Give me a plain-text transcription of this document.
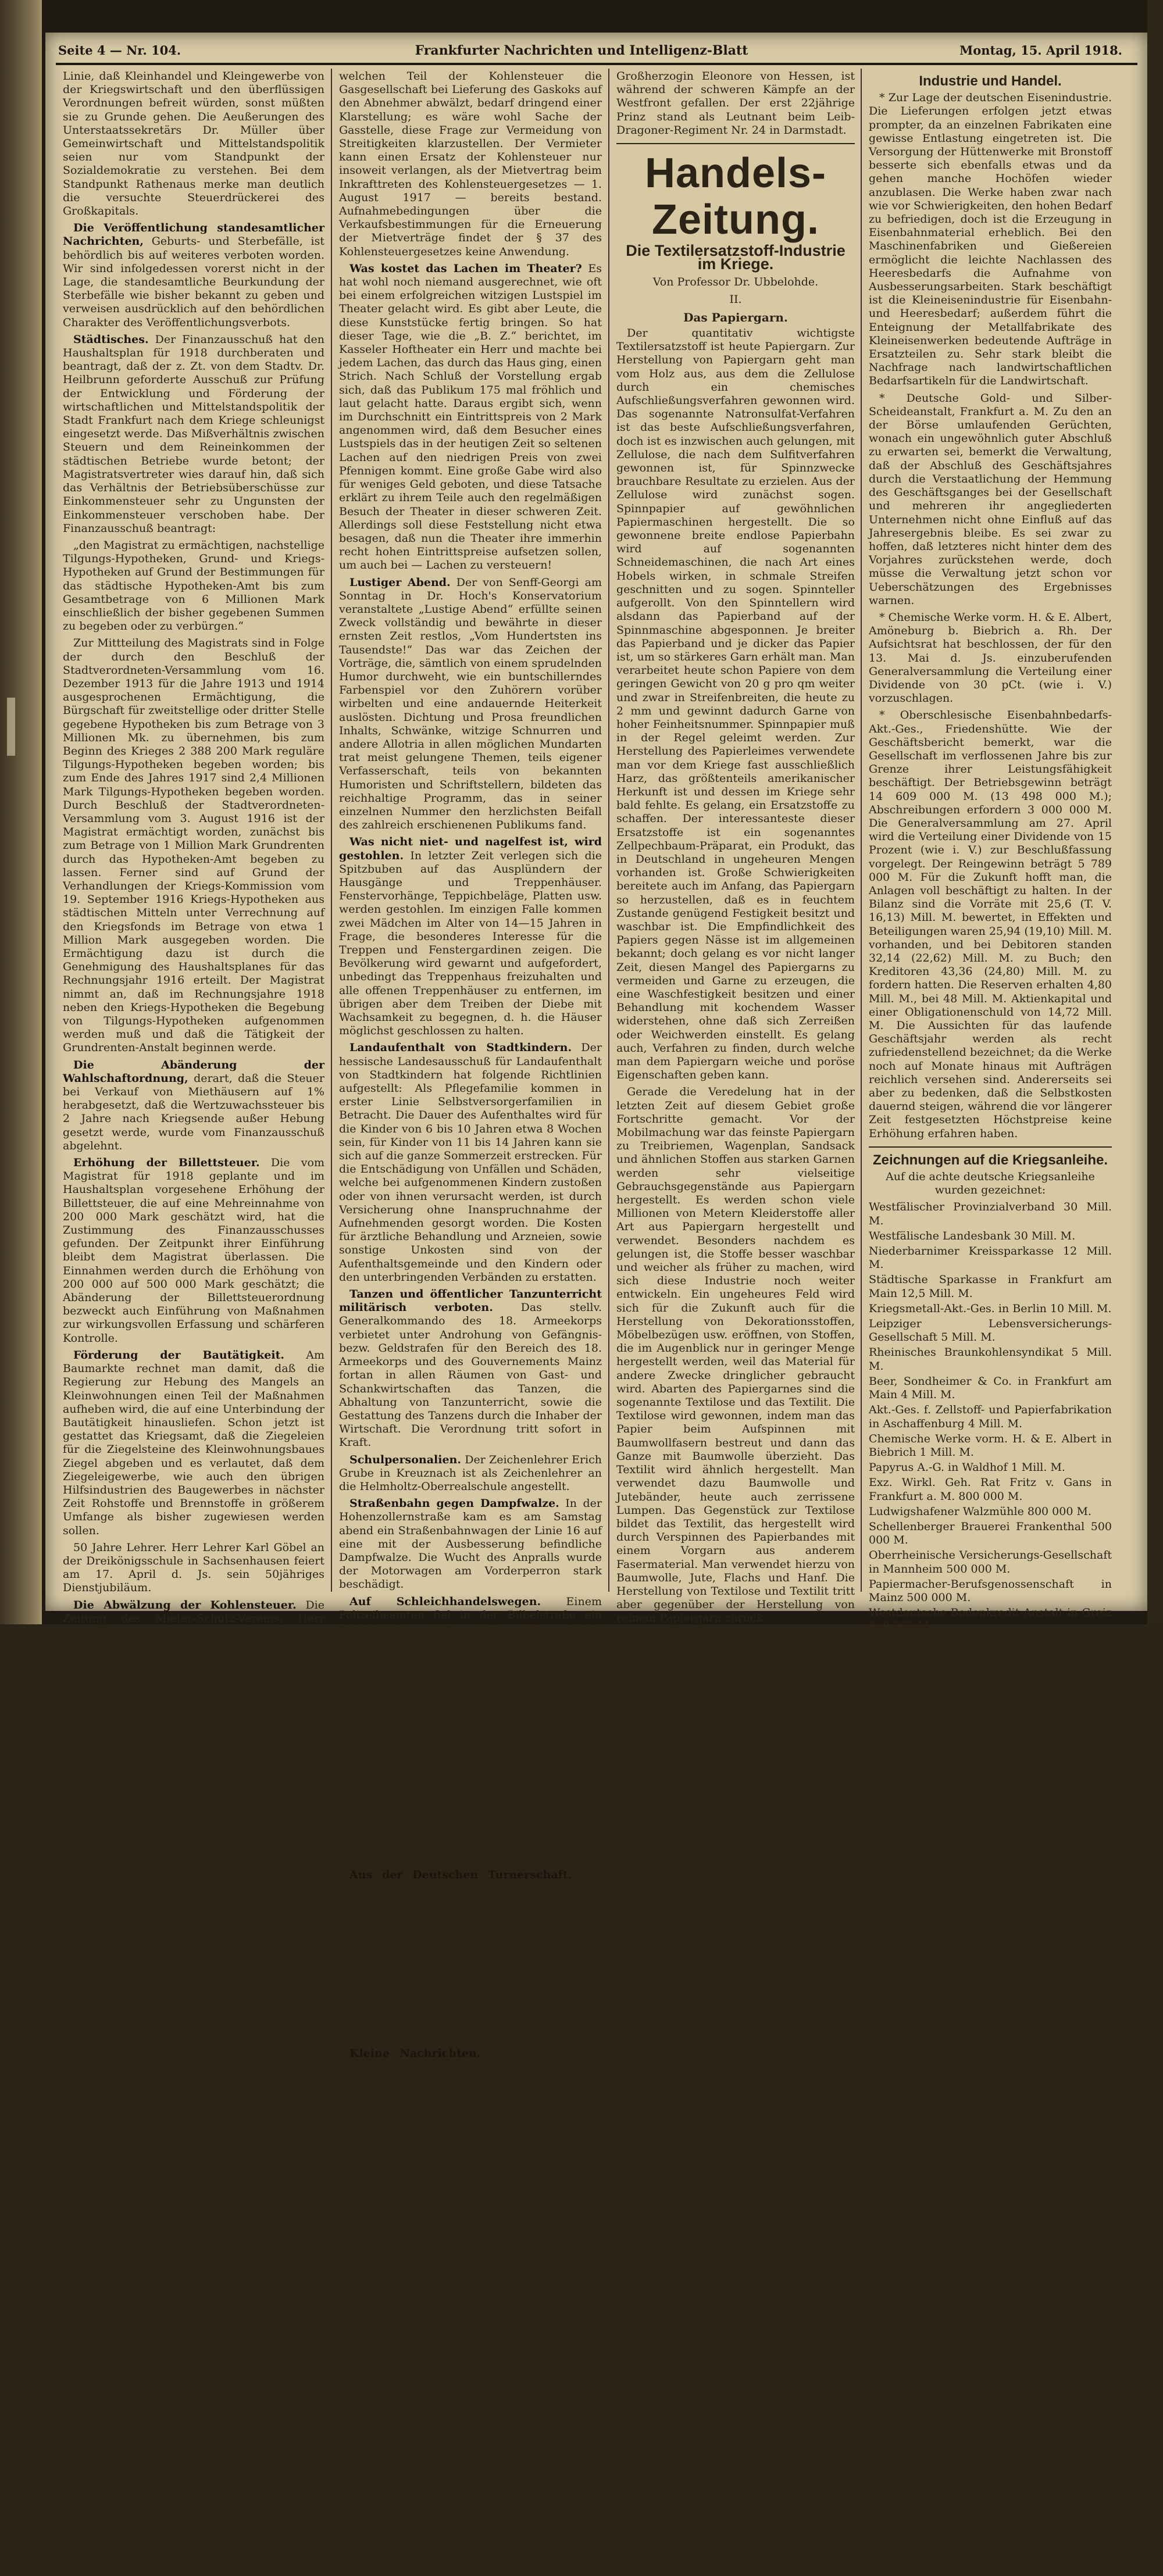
Seite 4 — Nr. 104.	Frankfurter Nachrichten und Intelligenz-Blatt	Montag, 15. April 1918.

Linie, daß Kleinhandel und Kleingewerbe von der Kriegswirtschaft und den überflüssigen Verordnungen befreit würden, sonst müßten sie zu Grunde gehen. Die Aeußerungen des Unterstaatssekretärs Dr. Müller über Gemeinwirtschaft und Mittelstandspolitik seien nur vom Standpunkt der Sozialdemokratie zu verstehen. Bei dem Standpunkt Rathenaus merke man deutlich die versuchte Steuerdrückerei des Großkapitals.

Die Veröffentlichung standesamtlicher Nachrichten, Geburts- und Sterbefälle, ist behördlich bis auf weiteres verboten worden. Wir sind infolgedessen vorerst nicht in der Lage, die standesamtliche Beurkundung der Sterbefälle wie bisher bekannt zu geben und verweisen ausdrücklich auf den behördlichen Charakter des Veröffentlichungsverbots.

Städtisches. Der Finanzausschuß hat den Haushaltsplan für 1918 durchberaten und beantragt, daß der z. Zt. von dem Stadtv. Dr. Heilbrunn geforderte Ausschuß zur Prüfung der Entwicklung und Förderung der wirtschaftlichen und Mittelstandspolitik der Stadt Frankfurt nach dem Kriege schleunigst eingesetzt werde. Das Mißverhältnis zwischen Steuern und dem Reineinkommen der städtischen Betriebe wurde betont; der Magistratsvertreter wies darauf hin, daß sich das Verhältnis der Betriebsüberschüsse zur Einkommensteuer sehr zu Ungunsten der Einkommensteuer verschoben habe. Der Finanzausschuß beantragt:

„den Magistrat zu ermächtigen, nachstellige Tilgungs-Hypotheken, Grund- und Kriegs-Hypotheken auf Grund der Bestimmungen für das städtische Hypotheken-Amt bis zum Gesamtbetrage von 6 Millionen Mark einschließlich der bisher gegebenen Summen zu begeben oder zu verbürgen.“

Zur Mittteilung des Magistrats sind in Folge der durch den Beschluß der Stadtverordneten-Versammlung vom 16. Dezember 1913 für die Jahre 1913 und 1914 ausgesprochenen Ermächtigung, die Bürgschaft für zweitstellige oder dritter Stelle gegebene Hypotheken bis zum Betrage von 3 Millionen Mk. zu übernehmen, bis zum Beginn des Krieges 2 388 200 Mark reguläre Tilgungs-Hypotheken begeben worden; bis zum Ende des Jahres 1917 sind 2,4 Millionen Mark Tilgungs-Hypotheken begeben worden. Durch Beschluß der Stadtverordneten-Versammlung vom 3. August 1916 ist der Magistrat ermächtigt worden, zunächst bis zum Betrage von 1 Million Mark Grundrenten durch das Hypotheken-Amt begeben zu lassen. Ferner sind auf Grund der Verhandlungen der Kriegs-Kommission vom 19. September 1916 Kriegs-Hypotheken aus städtischen Mitteln unter Verrechnung auf den Kriegsfonds im Betrage von etwa 1 Million Mark ausgegeben worden. Die Ermächtigung dazu ist durch die Genehmigung des Haushaltsplanes für das Rechnungsjahr 1916 erteilt. Der Magistrat nimmt an, daß im Rechnungsjahre 1918 neben den Kriegs-Hypotheken die Begebung von Tilgungs-Hypotheken aufgenommen werden muß und daß die Tätigkeit der Grundrenten-Anstalt beginnen werde.

Die Abänderung der Wahlschaftordnung, derart, daß die Steuer bei Verkauf von Miethäusern auf 1% herabgesetzt, daß die Wertzuwachssteuer bis 2 Jahre nach Kriegsende außer Hebung gesetzt werde, wurde vom Finanzausschuß abgelehnt.

Erhöhung der Billettsteuer. Die vom Magistrat für 1918 geplante und im Haushaltsplan vorgesehene Erhöhung der Billettsteuer, die auf eine Mehreinnahme von 200 000 Mark geschätzt wird, hat die Zustimmung des Finanzausschusses gefunden. Der Zeitpunkt ihrer Einführung bleibt dem Magistrat überlassen. Die Einnahmen werden durch die Erhöhung von 200 000 auf 500 000 Mark geschätzt; die Abänderung der Billettsteuerordnung bezweckt auch Einführung von Maßnahmen zur wirkungsvollen Erfassung und schärferen Kontrolle.

Förderung der Bautätigkeit. Am Baumarkte rechnet man damit, daß die Regierung zur Hebung des Mangels an Kleinwohnungen einen Teil der Maßnahmen aufheben wird, die auf eine Unterbindung der Bautätigkeit hinausliefen. Schon jetzt ist gestattet das Kriegsamt, daß die Ziegeleien für die Ziegelsteine des Kleinwohnungsbaues Ziegel abgeben und es verlautet, daß dem Ziegeleigewerbe, wie auch den übrigen Hilfsindustrien des Baugewerbes in nächster Zeit Rohstoffe und Brennstoffe in größerem Umfange als bisher zugewiesen werden sollen.

50 Jahre Lehrer. Herr Lehrer Karl Göbel an der Dreikönigsschule in Sachsenhausen feiert am 17. April d. Js. sein 50jähriges Dienstjubiläum.

Die Abwälzung der Kohlensteuer. Die Zeitung des Mieter-Schutz-Vereins, Herr Rechtsanwalt Dr. Gumbel, schreibt uns: Nach § 37 des Kohlensteuergesetzes kann der Vermieter denjenigen Betrag erhöht verlangen, welcher sich ihm durch die Kohlensteuer verursachten Erhöhung seiner Bezugskosten für Kohlen entspricht. Die Kohlensteuer wird nicht bezahlt zu entrichten die Grube, die die Kohlen liefert. Die Steuer bei trägt 20% vom Werte der von der Grube gelieferten Kohle. Da nun der Kaufpreis der Kohlen ab Grube wesentlich billiger ist als der Kaufpreis, den der Verbraucher zu bezahlen hat, so wird die Steuer vom Vermieter nicht 20% von dem Kaufpreis, den er an seinen Kohlenlieferanten bezahlt, zu verlangen haben, sondern nur Erlaß der denkenden Kaufpreis stehenden Kohlensteuer beanspruchen. Dieser Betrag muß erforderlichenfalls durch Nachfrage bei dem Kohlenlieferanten ermittelt werden. Im allgemeinen wird aber zur Heizung nicht Kohle, sondern Gaskoks verwendet. Wie die Gasgesellschaft, so läßt auch das städtische Gaswerk die Koks liefert, einen Teil der von ihr bei Bezug der Kohlen entrichteten Steuer bereits beim Preise des Koks in Ansatz gebracht, womit sie gemäß § 37 des Kohlensteuergesetzes ebenfalls berechtigt ist. Sie kann also bei Lieferung des Koks nur höchstens die nach 20% auf den Kokspreis erwälzen, so daß der Preis des bezogenen Gaskoks sich keinesfalls um 20% erhöht haben kann. Die Frage,

welchen Teil der Kohlensteuer die Gasgesellschaft bei Lieferung des Gaskoks auf den Abnehmer abwälzt, bedarf dringend einer Klarstellung; es wäre wohl Sache der Gasstelle, diese Frage zur Vermeidung von Streitigkeiten klarzustellen. Der Vermieter kann einen Ersatz der Kohlensteuer nur insoweit verlangen, als der Mietvertrag beim Inkrafttreten des Kohlensteuergesetzes — 1. August 1917 — bereits bestand. Aufnahmebedingungen über die Verkaufsbestimmungen für die Erneuerung der Mietverträge findet der § 37 des Kohlensteuergesetzes keine Anwendung.

Was kostet das Lachen im Theater? Es hat wohl noch niemand ausgerechnet, wie oft bei einem erfolgreichen witzigen Lustspiel im Theater gelacht wird. Es gibt aber Leute, die diese Kunststücke fertig bringen. So hat dieser Tage, wie die „B. Z.“ berichtet, im Kasseler Hoftheater ein Herr und machte bei jedem Lachen, das durch das Haus ging, einen Strich. Nach Schluß der Vorstellung ergab sich, daß das Publikum 175 mal fröhlich und laut gelacht hatte. Daraus ergibt sich, wenn im Durchschnitt ein Eintrittspreis von 2 Mark angenommen wird, daß dem Besucher eines Lustspiels das in der heutigen Zeit so seltenen Lachen auf den niedrigen Preis von zwei Pfennigen kommt. Eine große Gabe wird also für weniges Geld geboten, und diese Tatsache erklärt zu ihrem Teile auch den regelmäßigen Besuch der Theater in dieser schweren Zeit. Allerdings soll diese Feststellung nicht etwa besagen, daß nun die Theater ihre immerhin recht hohen Eintrittspreise aufsetzen sollen, um auch bei — Lachen zu versteuern!

Lustiger Abend. Der von Senff-Georgi am Sonntag in Dr. Hoch's Konservatorium veranstaltete „Lustige Abend“ erfüllte seinen Zweck vollständig und bewährte in dieser ernsten Zeit restlos, „Vom Hundertsten ins Tausendste!“ Das war das Zeichen der Vorträge, die, sämtlich von einem sprudelnden Humor durchweht, wie ein buntschillerndes Farbenspiel vor den Zuhörern vorüber wirbelten und eine andauernde Heiterkeit auslösten. Dichtung und Prosa freundlichen Inhalts, Schwänke, witzige Schnurren und andere Allotria in allen möglichen Mundarten trat meist gelungene Themen, teils eigener Verfasserschaft, teils von bekannten Humoristen und Schriftstellern, bildeten das reichhaltige Programm, das in seiner einzelnen Nummer den herzlichsten Beifall des zahlreich erschienenen Publikums fand.

Was nicht niet- und nagelfest ist, wird gestohlen. In letzter Zeit verlegen sich die Spitzbuben auf das Ausplündern der Hausgänge und Treppenhäuser. Fenstervorhänge, Teppichbeläge, Platten usw. werden gestohlen. Im einzigen Falle kommen zwei Mädchen im Alter von 14—15 Jahren in Frage, die besonderes Interesse für die Treppen und Fenstergardinen zeigen. Die Bevölkerung wird gewarnt und aufgefordert, unbedingt das Treppenhaus freizuhalten und alle offenen Treppenhäuser zu entfernen, im übrigen aber dem Treiben der Diebe mit Wachsamkeit zu begegnen, d. h. die Häuser möglichst geschlossen zu halten.

Landaufenthalt von Stadtkindern. Der hessische Landesausschuß für Landaufenthalt von Stadtkindern hat folgende Richtlinien aufgestellt: Als Pflegefamilie kommen in erster Linie Selbstversorgerfamilien in Betracht. Die Dauer des Aufenthaltes wird für die Kinder von 6 bis 10 Jahren etwa 8 Wochen sein, für Kinder von 11 bis 14 Jahren kann sie sich auf die ganze Sommerzeit erstrecken. Für die Entschädigung von Unfällen und Schäden, welche bei aufgenommenen Kindern zustoßen oder von ihnen verursacht werden, ist durch Versicherung ohne Inanspruchnahme der Aufnehmenden gesorgt worden. Die Kosten für ärztliche Behandlung und Arzneien, sowie sonstige Unkosten sind von der Aufenthaltsgemeinde und den Kindern oder den unterbringenden Verbänden zu erstatten.

Tanzen und öffentlicher Tanzunterricht militärisch verboten. Das stellv. Generalkommando des 18. Armeekorps verbietet unter Androhung von Gefängnis- bezw. Geldstrafen für den Bereich des 18. Armeekorps und des Gouvernements Mainz fortan in allen Räumen von Gast- und Schankwirtschaften das Tanzen, die Abhaltung von Tanzunterricht, sowie die Gestattung des Tanzens durch die Inhaber der Wirtschaft. Die Verordnung tritt sofort in Kraft.

Schulpersonalien. Der Zeichenlehrer Erich Grube in Kreuznach ist als Zeichenlehrer an die Helmholtz-Oberrealschule angestellt.

Straßenbahn gegen Dampfwalze. In der Hohenzollernstraße kam es am Samstag abend ein Straßenbahnwagen der Linie 16 auf eine mit der Ausbesserung befindliche Dampfwalze. Die Wucht des Anpralls wurde der Motorwagen am Vorderperron stark beschädigt.

Auf Schleichhandelswegen. Einem Polizeibeamten fiel in der Bilbelstraße ein Dienstmann auf, der mit einem schwerbeladenen Korbe von Haushaltswaren kam. Der Beamte ließ sich ihn an, er hatte eine Reihe Stück ohne Bezugsschein bei sich. Weiter hat der Kellner Heinrich Braun aus Unterfranken ihn „hergeholmugelt hatte. Das Schleichgeschäft hatte keinen Vorteil, da es in letzter Zeit jeglichen Hinkunft Schleichhändler nicht mehr die Lebensmittel aus Mangel an Fleisch ohne Bezugsschein, die Arbeiter zu hohem Geldstrafen und bei einem von ihnen bis zu mehreren Wochen Gefängnis verurteilt. Einem Arbeiter wurde mit 500 Mark Geldstrafe. Die Fische hatte sich in Mattenbach. Das Schöffengericht hatte, daß Schleichhandel in dem beständigsten Strafen zu belegen sei, damit so wird die Bekämpfung um bessere Erfolge bereitet hat.

Aus der Deutschen Turnerschaft. Der Mainz-Taunus-Gau hielt am Sonntag seinen kleinen ordentlichen Gauturntag in Heddernheim ab. Beginn nachmittags 3 Uhr. Zur Tagesordnung stehen wichtige Beratungsgegenstände, die den Turnvereinen der Deutschen Turnerschaft in jeglicher Beziehung wichtig sind. Die deutschen Volksturnspiele wurden am Sonntag, den 26. Mai, in der Turnhalle der Frankfurter Turngemeinde, Cederweg, abgehalten. In der Zwischenzeit wird die Turnhalle der Turnergemeinschaft frei bleiben.

Kleine Nachrichten. Im Kunstsalon M. Goldschmidt & Co., Kaiserstr. 1, sind von Carl Rentze und Erich Gödel Kollektionen neu ausgestellt. Ferner sind von Einzelwerken neu ausgestellt: B. Trübner, L. Corinth, M. Slevogt, H. v. Defregger, Hans Thoma u. a. — Der Volkschor „Union“ veranstaltet am Samstag, 20. April, abends 8 Uhr, im Saalbau einen Volkskonzertabend mit Werken von A. Gretchaninoff, u. a. Die Leitung hat Herr Theodor Schmidt. Mitwirkende: Frl. Theo Hoff (Sopran) und das Frankfurter Streichquartett. — Zur Aufführung gelangt u. a. das Chorwerk „Preciosa“.

Lich (Oberh.), 14. April. Der Erbprinz Philipp von Solms-Hohensolms-Lich, der Neffe der

Großherzogin Eleonore von Hessen, ist während der schweren Kämpfe an der Westfront gefallen. Der erst 22jährige Prinz stand als Leutnant beim Leib-Dragoner-Regiment Nr. 24 in Darmstadt.

Handels-Zeitung.
Die Textilersatzstoff-Industrie im Kriege.

Von Professor Dr. Ubbelohde.

II.

Das Papiergarn.

Der quantitativ wichtigste Textilersatzstoff ist heute Papiergarn. Zur Herstellung von Papiergarn geht man vom Holz aus, aus dem die Zellulose durch ein chemisches Aufschließungsverfahren gewonnen wird. Das sogenannte Natronsulfat-Verfahren ist das beste Aufschließungsverfahren, doch ist es inzwischen auch gelungen, mit Zellulose, die nach dem Sulfitverfahren gewonnen ist, für Spinnzwecke brauchbare Resultate zu erzielen. Aus der Zellulose wird zunächst sogen. Spinnpapier auf gewöhnlichen Papiermaschinen hergestellt. Die so gewonnene breite endlose Papierbahn wird auf sogenannten Schneidemaschinen, die nach Art eines Hobels wirken, in schmale Streifen geschnitten und zu sogen. Spinnteller aufgerollt. Von den Spinntellern wird alsdann das Papierband auf der Spinnmaschine abgesponnen. Je breiter das Papierband und je dicker das Papier ist, um so stärkeres Garn erhält man. Man verarbeitet heute schon Papiere von dem geringen Gewicht von 20 g pro qm weiter und zwar in Streifenbreiten, die heute zu 2 mm und gewinnt dadurch Garne von hoher Feinheitsnummer. Spinnpapier muß in der Regel geleimt werden. Zur Herstellung des Papierleimes verwendete man vor dem Kriege fast ausschließlich Harz, das größtenteils amerikanischer Herkunft ist und dessen im Kriege sehr bald fehlte. Es gelang, ein Ersatzstoffe zu schaffen. Der interessanteste dieser Ersatzstoffe ist ein sogenanntes Zellpechbaum-Präparat, ein Produkt, das in Deutschland in ungeheuren Mengen vorhanden ist. Große Schwierigkeiten bereitete auch im Anfang, das Papiergarn so herzustellen, daß es in feuchtem Zustande genügend Festigkeit besitzt und waschbar ist. Die Empfindlichkeit des Papiers gegen Nässe ist im allgemeinen bekannt; doch gelang es vor nicht langer Zeit, diesen Mangel des Papiergarns zu vermeiden und Garne zu erzeugen, die eine Waschfestigkeit besitzen und einer Behandlung mit kochendem Wasser widerstehen, ohne daß sich Zerreißen oder Weichwerden einstellt. Es gelang auch, Verfahren zu finden, durch welche man dem Papiergarn weiche und poröse Eigenschaften geben kann.

Gerade die Veredelung hat in der letzten Zeit auf diesem Gebiet große Fortschritte gemacht. Vor der Mobilmachung war das feinste Papiergarn zu Treibriemen, Wagenplan, Sandsack und ähnlichen Stoffen aus starken Garnen werden sehr vielseitige Gebrauchsgegenstände aus Papiergarn hergestellt. Es werden schon viele Millionen von Metern Kleiderstoffe aller Art aus Papiergarn hergestellt und verwendet. Besonders nachdem es gelungen ist, die Stoffe besser waschbar und weicher als früher zu machen, wird sich diese Industrie noch weiter entwickeln. Ein ungeheures Feld wird sich für die Zukunft auch für die Herstellung von Dekorationsstoffen, Möbelbezügen usw. eröffnen, von Stoffen, die im Augenblick nur in geringer Menge hergestellt werden, weil das Material für andere Zwecke dringlicher gebraucht wird. Abarten des Papiergarnes sind die sogenannte Textilose und das Textilit. Die Textilose wird gewonnen, indem man das Papier beim Aufspinnen mit Baumwollfasern bestreut und dann das Ganze mit Baumwolle überzieht. Das Textilit wird ähnlich hergestellt. Man verwendet dazu Baumwolle und Jutebänder, heute auch zerrissene Lumpen. Das Gegenstück zur Textilose bildet das Textilit, das hergestellt wird durch Verspinnen des Papierbandes mit einem Vorgarn aus anderem Fasermaterial. Man verwendet hierzu von Baumwolle, Jute, Flachs und Hanf. Die Herstellung von Textilose und Textilit tritt aber gegenüber der Herstellung von reinem Papiergarn zurück.

Zellstoffgarne.

Die Zellstoffgarne gewinnt man auch aus der Zellulose, die aber in diesem Falle nicht erst in Papier umgewandelt, sondern direkt zu Garn versponnen wird. Die Zellstoffgarne geben sehr kräftige Garne und dürften für die Zukunft noch an Bedeutung gewinnen. Die Aufhebung der Beschlagnahme für Zivilbekleidungsstoffe aus Papiergarn dürfte dem gesteigerten Vertrauen zu diesen Stoffen in der Zivilbevölkerung ganz besonders Rechnung tragen.

Vielfach wird die Befürchtung laut, daß ein schlimmer Raubbau mit unseren Holzbeständen eingetreten sei. Dies trifft nicht zu. In Deutschland werden jährlich etwa 14 Millionen Kubikmeter Holz verbraucht. Die Hauptmenge dieses Holzes ist aber Bauholz. Die gesamte Papierindustrie für Spinnzwecke verbrauchte im Frieden etwa 2 Millionen Kubikmeter, also etwa 6 pCt. der Gesamtmenge.

Frankfurter Börse.

Frankfurt a. M., den 15. April 1918.

Der Rücktritt Czernins und seine unmittelbare Ursache wurden an der Börse lebhaft besprochen. Eine erkennbare Wirkung ging aber von ihm auf die Kurse nicht aus. Die Erklärung der Scheidemantel, womit vor einer Ueberschätzung der letzten Jahresergebnisse gewarnt wird, übte einen fühlbaren Druck auf den Aktienkurs aus, der sie gegenüber etwas ungleichmäßig umsetzte. Matter waren auch Holzverkohlung, Griesheim und Höchster, während für Th. Goldschmidt etwas Nachfrage bestand. Von den Montanwerten gingen Phönix und Deutsch-Luxemburg etwas zurück. Abgeschwächt waren ferner Hapag und Norddeutscher Lloyd. Von Chemiewerten war Rütgerswerke gesucht. Heimische Industriepapiere lagen fest. Elektrizitätswerte waren vernachlässigt. Petroleumaktien setzten auf Anregung von auswärts ihre Aufwärtsbewegung fort. Siemens & Halske etwas höher. Deutsche Petroleum erhielten sich gut. Rheinische Stahlwerke, Adler, Mannheimer Maschinenfabrik, Bad. Anilin, Motorenfabrik Oberursel und Frankfurter Brauerei waren vernachlässigt; ferner Kaliwerte. Gegen Schluß war die Börse ruhiger. Es zeigten sich keine nennenswerten Veränderungen. Deutsche Kriegsanleihe waren behauptet. Von ausländischen Renten waren Oesterreicher ungarische Werte etwas höher. Anleihen des Auslandes waren wenig gefragt. Devisen blieben unverändert.

Wegen Störung der telephonischen Verbindung ist uns der Bericht über die heutige Berliner Börse bis Schluß der Redaktion nicht zugegangen.

Industrie und Handel.

* Zur Lage der deutschen Eisenindustrie. Die Lieferungen erfolgen jetzt etwas prompter, da an einzelnen Fabrikaten eine gewisse Entlastung eingetreten ist. Die Versorgung der Hüttenwerke mit Bronstoff besserte sich ebenfalls etwas und da gehen manche Hochöfen wieder anzublasen. Die Werke haben zwar nach wie vor Schwierigkeiten, den hohen Bedarf zu befriedigen, doch ist die Erzeugung in Eisenbahnmaterial erheblich. Bei den Maschinenfabriken und Gießereien ermöglicht die leichte Nachlassen des Heeresbedarfs die Aufnahme von Ausbesserungsarbeiten. Stark beschäftigt ist die Kleineisenindustrie für Eisenbahn- und Heeresbedarf; außerdem führt die Enteignung der Metallfabrikate des Kleineisenwerken bedeutende Aufträge in Ersatzteilen zu. Sehr stark bleibt die Nachfrage nach landwirtschaftlichen Bedarfsartikeln für die Landwirtschaft.

* Deutsche Gold- und Silber-Scheideanstalt, Frankfurt a. M. Zu den an der Börse umlaufenden Gerüchten, wonach ein ungewöhnlich guter Abschluß zu erwarten sei, bemerkt die Verwaltung, daß der Abschluß des Geschäftsjahres durch die Verstaatlichung der Hemmung des Geschäftsganges bei der Gesellschaft und mehreren ihr angegliederten Unternehmen nicht ohne Einfluß auf das Jahresergebnis bleibe. Es sei zwar zu hoffen, daß letzteres nicht hinter dem des Vorjahres zurückstehen werde, doch müsse die Verwaltung jetzt schon vor Ueberschätzungen des Ergebnisses warnen.

* Chemische Werke vorm. H. & E. Albert, Amöneburg b. Biebrich a. Rh. Der Aufsichtsrat hat beschlossen, der für den 13. Mai d. Js. einzuberufenden Generalversammlung die Verteilung einer Dividende von 30 pCt. (wie i. V.) vorzuschlagen.

* Oberschlesische Eisenbahnbedarfs-Akt.-Ges., Friedenshütte. Wie der Geschäftsbericht bemerkt, war die Gesellschaft im verflossenen Jahre bis zur Grenze ihrer Leistungsfähigkeit beschäftigt. Der Betriebsgewinn beträgt 14 609 000 M. (13 498 000 M.); Abschreibungen erfordern 3 000 000 M. Die Generalversammlung am 27. April wird die Verteilung einer Dividende von 15 Prozent (wie i. V.) zur Beschlußfassung vorgelegt. Der Reingewinn beträgt 5 789 000 M. Für die Zukunft hofft man, die Anlagen voll beschäftigt zu halten. In der Bilanz sind die Vorräte mit 25,6 (T. V. 16,13) Mill. M. bewertet, in Effekten und Beteiligungen waren 25,94 (19,10) Mill. M. vorhanden, und bei Debitoren standen 32,14 (22,62) Mill. M. zu Buch; den Kreditoren 43,36 (24,80) Mill. M. zu fordern hatten. Die Reserven erhalten 4,80 Mill. M., bei 48 Mill. M. Aktienkapital und einer Obligationenschuld von 14,72 Mill. M. Die Aussichten für das laufende Geschäftsjahr werden als recht zufriedenstellend bezeichnet; da die Werke noch auf Monate hinaus mit Aufträgen reichlich versehen sind. Andererseits sei aber zu bedenken, daß die Selbstkosten dauernd steigen, während die vor längerer Zeit festgesetzten Höchstpreise keine Erhöhung erfahren haben.

Zeichnungen auf die Kriegsanleihe.

Auf die achte deutsche Kriegsanleihe wurden gezeichnet:

Westfälischer Provinzialverband 30 Mill. M.

Westfälische Landesbank 30 Mill. M.

Niederbarnimer Kreissparkasse 12 Mill. M.

Städtische Sparkasse in Frankfurt am Main 12,5 Mill. M.

Kriegsmetall-Akt.-Ges. in Berlin 10 Mill. M.

Leipziger Lebensversicherungs-Gesellschaft 5 Mill. M.

Rheinisches Braunkohlensyndikat 5 Mill. M.

Beer, Sondheimer & Co. in Frankfurt am Main 4 Mill. M.

Akt.-Ges. f. Zellstoff- und Papierfabrikation in Aschaffenburg 4 Mill. M.

Chemische Werke vorm. H. & E. Albert in Biebrich 1 Mill. M.

Papyrus A.-G. in Waldhof 1 Mill. M.

Exz. Wirkl. Geh. Rat Fritz v. Gans in Frankfurt a. M. 800 000 M.

Ludwigshafener Walzmühle 800 000 M.

Schellenberger Brauerei Frankenthal 500 000 M.

Oberrheinische Versicherungs-Gesellschaft in Mannheim 500 000 M.

Papiermacher-Berufsgenossenschaft in Mainz 500 000 M.

Westdeutsche Bodenkredit-Anstalt in Greiz 400 000 M.

Lederindustrie-Berufsgenossenschaft in Mainz 200 000 M.

A. Scheibler & Co. in Frankfurt a. M. 200 000 M.

S. Joseph & Co., Lederhandlung in Frankfurt a. M. 200 000 M.

Verband mittlerer Reichs-Post- und Telegraphen-Beamten in Berlin 200 000 M.

J. L. Halbreich, Elektrotechn. Artikel, in Frankfurt a. M., Gr. Friedbergerstr. 27, 100 000 M.

Wettervoraussage für Dienstag:

Nebelig, sonst wechselnd bewölkt, meist trocken, weitere Abkühlung.

Chefredakteur: Dr. E. Mässig. Verantwortlich: für Politik und den allgemeinen Teil: Fritz Lüthich; für Lokales und Provinz: B. Lincke; für Kunst und Wissenschaft: G. v. Stade; für Handelsteil: Fritz Lüthich; für den Anzeigenteil: Karl Stanek. Druck und Verlag: G. Holl. Sämtlich in Frankfurt a. M.

Künstler-Palast
ARKADIA A3488
Programm beginnt Punkt 8 Uhr.
Großstädtisches Künstler-Programm!
Bestes Familien-Lokal am Platze.
Noch ist es Zeit
für Zeichnungen nach dem Kriegsanleihe-Spar-Verein „Janus“ Hamburg!
Schon Vierteljahrsprämien von Mk. 9.40 gegen eine Auszahlung von Mk. 1000,—.
Donnerstag ist Schluß!
Zeichne heute!
Verwaltungsbüro des „Janus“
L. Roll, Generalagent, Goethestraße 5. (A1338
